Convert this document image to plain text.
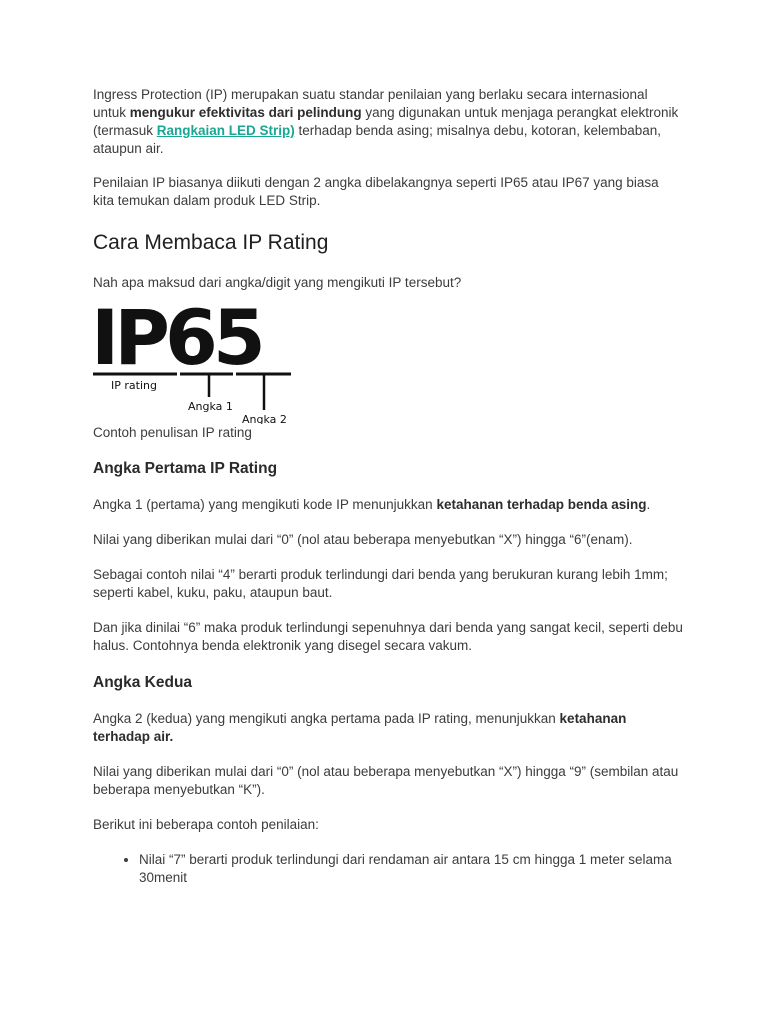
Ingress Protection (IP) merupakan suatu standar penilaian yang berlaku secara internasional untuk mengukur efektivitas dari pelindung yang digunakan untuk menjaga perangkat elektronik (termasuk Rangkaian LED Strip) terhadap benda asing; misalnya debu, kotoran, kelembaban, ataupun air.

Penilaian IP biasanya diikuti dengan 2 angka dibelakangnya seperti IP65 atau IP67 yang biasa kita temukan dalam produk LED Strip.

Cara Membaca IP Rating

Nah apa maksud dari angka/digit yang mengikuti IP tersebut?

IP65
IP rating
Angka 1
Angka 2

Contoh penulisan IP rating

Angka Pertama IP Rating

Angka 1 (pertama) yang mengikuti kode IP menunjukkan ketahanan terhadap benda asing.

Nilai yang diberikan mulai dari “0” (nol atau beberapa menyebutkan “X”) hingga “6”(enam).

Sebagai contoh nilai “4” berarti produk terlindungi dari benda yang berukuran kurang lebih 1mm; seperti kabel, kuku, paku, ataupun baut.

Dan jika dinilai “6” maka produk terlindungi sepenuhnya dari benda yang sangat kecil, seperti debu halus. Contohnya benda elektronik yang disegel secara vakum.

Angka Kedua

Angka 2 (kedua) yang mengikuti angka pertama pada IP rating, menunjukkan ketahanan terhadap air.

Nilai yang diberikan mulai dari “0” (nol atau beberapa menyebutkan “X”) hingga “9” (sembilan atau beberapa menyebutkan “K”).

Berikut ini beberapa contoh penilaian:

• Nilai “7” berarti produk terlindungi dari rendaman air antara 15 cm hingga 1 meter selama 30menit
